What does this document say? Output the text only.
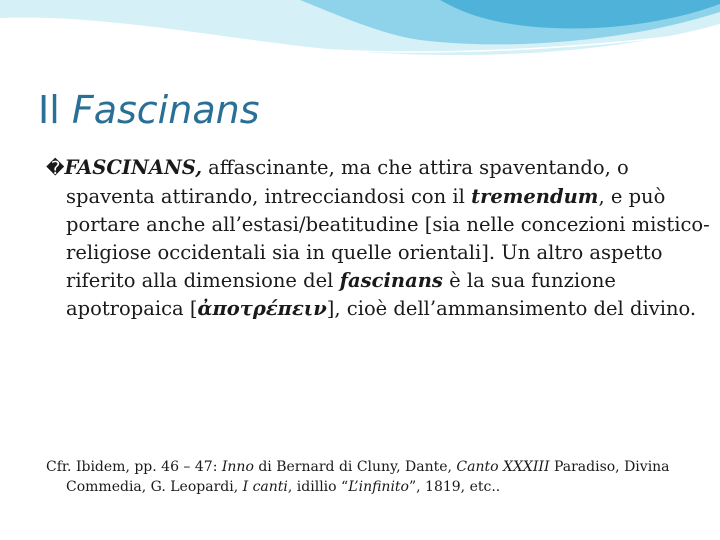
Il Fascinans

�FASCINANS, affascinante, ma che attira spaventando, o spaventa attirando, intrecciandosi con il tremendum, e può portare anche all’estasi/beatitudine [sia nelle concezioni mistico-religiose occidentali sia in quelle orientali]. Un altro aspetto riferito alla dimensione del fascinans è la sua funzione apotropaica [ἀποτρέπειν], cioè dell’ammansimento del divino.

Cfr. Ibidem, pp. 46 – 47: Inno di Bernard di Cluny, Dante, Canto XXXIII Paradiso, Divina Commedia, G. Leopardi, I canti, idillio “L’infinito”, 1819, etc..
